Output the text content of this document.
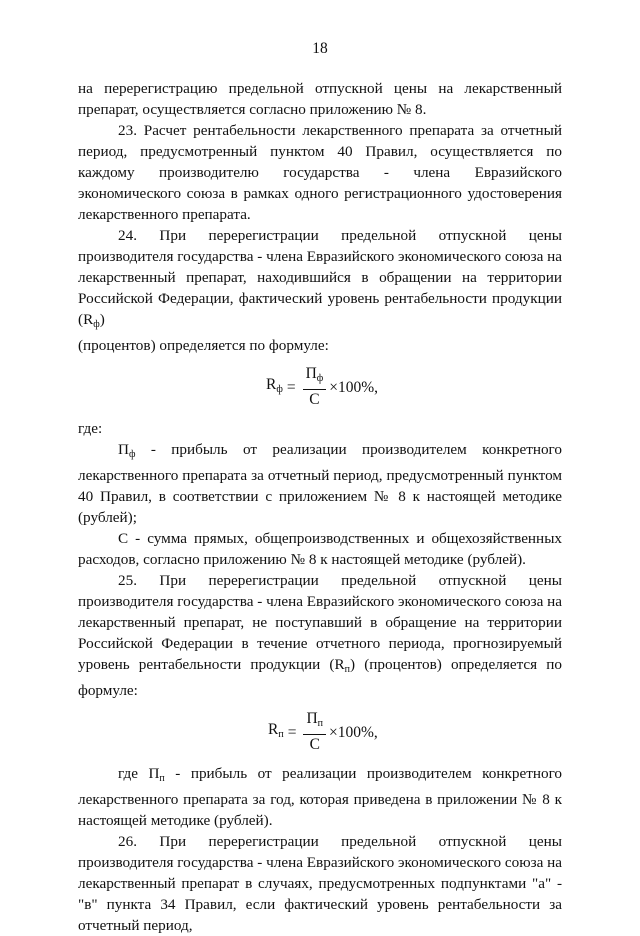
18

на перерегистрацию предельной отпускной цены на лекарственный препарат, осуществляется согласно приложению № 8.

23. Расчет рентабельности лекарственного препарата за отчетный период, предусмотренный пунктом 40 Правил, осуществляется по каждому производителю государства - члена Евразийского экономического союза в рамках одного регистрационного удостоверения лекарственного препарата.

24. При перерегистрации предельной отпускной цены производителя государства - члена Евразийского экономического союза на лекарственный препарат, находившийся в обращении на территории Российской Федерации, фактический уровень рентабельности продукции $(R_ф)$

(процентов) определяется по формуле:

$R_ф = \frac{П_ф}{С} \times 100\%$,

где:

$П_ф$ - прибыль от реализации производителем конкретного лекарственного препарата за отчетный период, предусмотренный пунктом 40 Правил, в соответствии с приложением № 8 к настоящей методике (рублей);

С - сумма прямых, общепроизводственных и общехозяйственных расходов, согласно приложению № 8 к настоящей методике (рублей).

25. При перерегистрации предельной отпускной цены производителя государства - члена Евразийского экономического союза на лекарственный препарат, не поступавший в обращение на территории Российской Федерации в течение отчетного периода, прогнозируемый уровень рентабельности продукции $(R_п)$ (процентов) определяется по формуле:

$R_п = \frac{П_п}{С} \times 100\%$,

где $П_п$ - прибыль от реализации производителем конкретного лекарственного препарата за год, которая приведена в приложении № 8 к настоящей методике (рублей).

26. При перерегистрации предельной отпускной цены производителя государства - члена Евразийского экономического союза на лекарственный препарат в случаях, предусмотренных подпунктами "а" - "в" пункта 34 Правил, если фактический уровень рентабельности за отчетный период,
